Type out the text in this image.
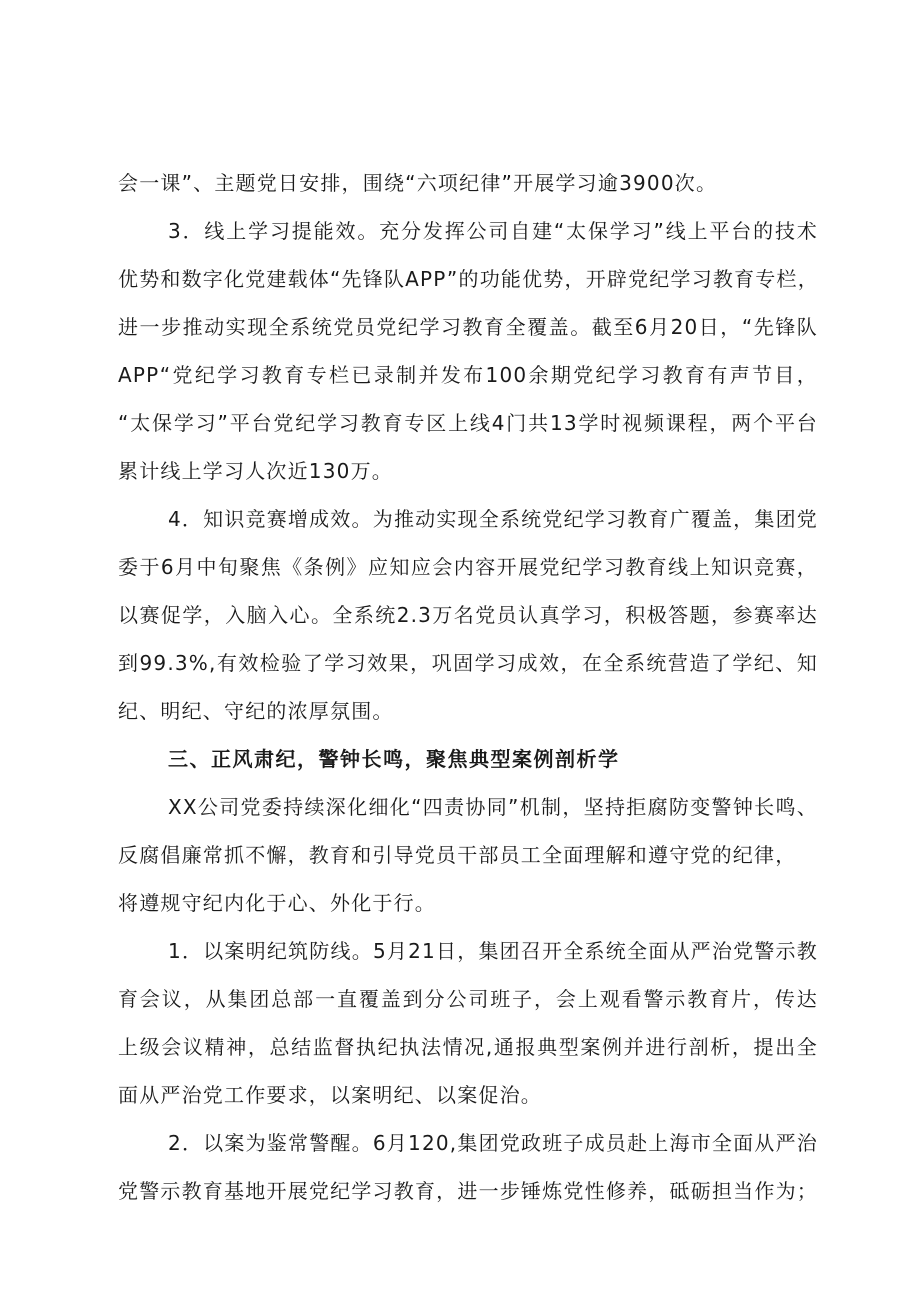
会一课”、主题党日安排，围绕“六项纪律”开展学习逾3900次。
3．线上学习提能效。充分发挥公司自建“太保学习”线上平台的技术
优势和数字化党建载体“先锋队APP”的功能优势，开辟党纪学习教育专栏，
进一步推动实现全系统党员党纪学习教育全覆盖。截至6月20日，“先锋队
APP“党纪学习教育专栏已录制并发布100余期党纪学习教育有声节目，
“太保学习”平台党纪学习教育专区上线4门共13学时视频课程，两个平台
累计线上学习人次近130万。
4．知识竞赛增成效。为推动实现全系统党纪学习教育广覆盖，集团党
委于6月中旬聚焦《条例》应知应会内容开展党纪学习教育线上知识竞赛，
以赛促学，入脑入心。全系统2.3万名党员认真学习，积极答题，参赛率达
到99.3%,有效检验了学习效果，巩固学习成效，在全系统营造了学纪、知
纪、明纪、守纪的浓厚氛围。
三、正风肃纪，警钟长鸣，聚焦典型案例剖析学
XX公司党委持续深化细化“四责协同”机制，坚持拒腐防变警钟长鸣、
反腐倡廉常抓不懈，教育和引导党员干部员工全面理解和遵守党的纪律，
将遵规守纪内化于心、外化于行。
1．以案明纪筑防线。5月21日，集团召开全系统全面从严治党警示教
育会议，从集团总部一直覆盖到分公司班子，会上观看警示教育片，传达
上级会议精神，总结监督执纪执法情况,通报典型案例并进行剖析，提出全
面从严治党工作要求，以案明纪、以案促治。
2．以案为鉴常警醒。6月120,集团党政班子成员赴上海市全面从严治
党警示教育基地开展党纪学习教育，进一步锤炼党性修养，砥砺担当作为；
